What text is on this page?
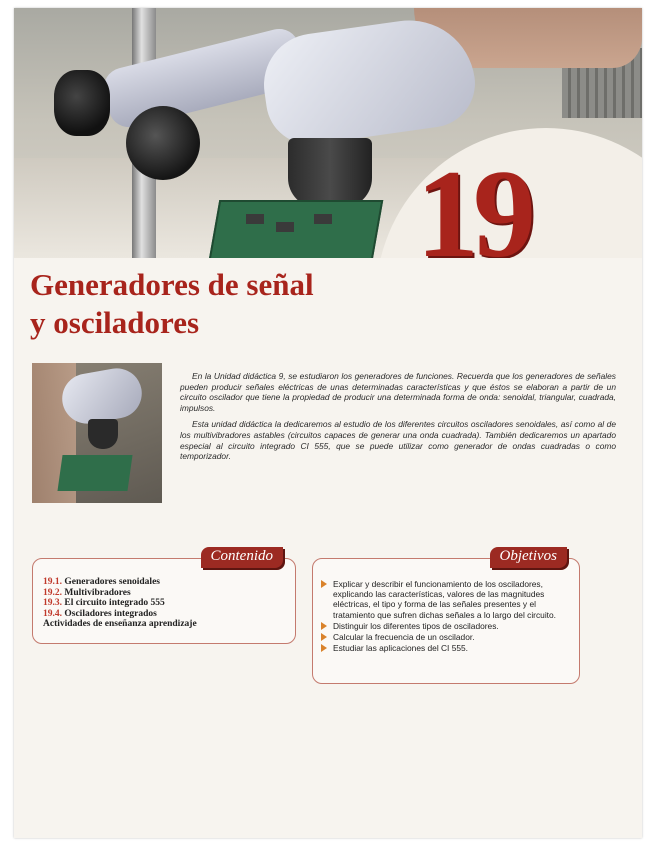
19
Generadores de señal
y osciladores

En la Unidad didáctica 9, se estudiaron los generadores de funciones. Recuerda que los generadores de señales pueden producir señales eléctricas de unas determinadas características y que éstos se elaboran a partir de un circuito oscilador que tiene la propiedad de producir una determinada forma de onda: senoidal, triangular, cuadrada, impulsos.

Esta unidad didáctica la dedicaremos al estudio de los diferentes circuitos osciladores senoidales, así como al de los multivibradores astables (circuitos capaces de generar una onda cuadrada). También dedicaremos un apartado especial al circuito integrado CI 555, que se puede utilizar como generador de ondas cuadradas o como temporizador.

Contenido
19.1. Generadores senoidales
19.2. Multivibradores
19.3. El circuito integrado 555
19.4. Osciladores integrados
Actividades de enseñanza aprendizaje
Objetivos
Explicar y describir el funcionamiento de los osciladores, explicando las características, valores de las magnitudes eléctricas, el tipo y forma de las señales presentes y el tratamiento que sufren dichas señales a lo largo del circuito.
Distinguir los diferentes tipos de osciladores.
Calcular la frecuencia de un oscilador.
Estudiar las aplicaciones del CI 555.
